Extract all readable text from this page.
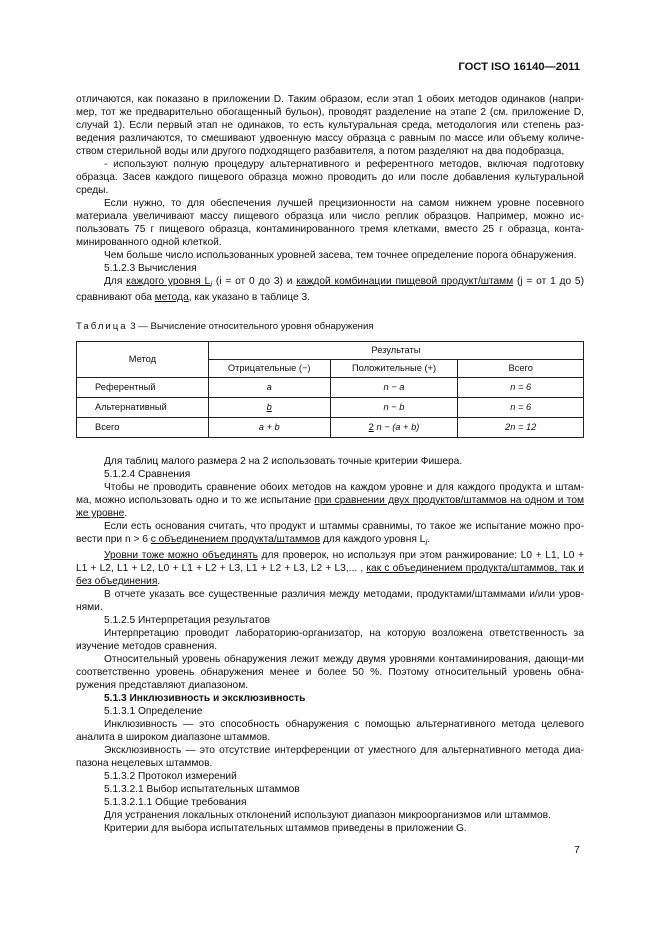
ГОСТ ISO 16140—2011

отличаются, как показано в приложении D. Таким образом, если этап 1 обоих методов одинаков (напри-мер, тот же предварительно обогащенный бульон), проводят разделение на этапе 2 (см. приложение D, случай 1). Если первый этап не одинаков, то есть культуральная среда, методология или степень раз-ведения различаются, то смешивают удвоенную массу образца с равным по массе или объему количе-ством стерильной воды или другого подходящего разбавителя, а потом разделяют на два подобразца,

- используют полную процедуру альтернативного и референтного методов, включая подготовку образца. Засев каждого пищевого образца можно проводить до или после добавления культуральной среды.

Если нужно, то для обеспечения лучшей прецизионности на самом нижнем уровне посевного материала увеличивают массу пищевого образца или число реплик образцов. Например, можно ис-пользовать 75 г пищевого образца, контаминированного тремя клетками, вместо 25 г образца, конта-минированного одной клеткой.

Чем больше число использованных уровней засева, тем точнее определение порога обнаружения.

5.1.2.3 Вычисления

Для каждого уровня $L_i$ (i = от 0 до 3) и каждой комбинации пищевой продукт/штамм (j = от 1 до 5) сравнивают оба метода, как указано в таблице 3.

Таблица 3 — Вычисление относительного уровня обнаружения

Метод	Результаты		
	Отрицательные (−)	Положительные (+)	Всего
Референтный	a	n − a	n = 6
Альтернативный	b	n − b	n = 6
Всего	a + b	2 n − (a + b)	2n = 12

Для таблиц малого размера 2 на 2 использовать точные критерии Фишера.

5.1.2.4 Сравнения

Чтобы не проводить сравнение обоих методов на каждом уровне и для каждого продукта и штам-ма, можно использовать одно и то же испытание при сравнении двух продуктов/штаммов на одном и том же уровне.

Если есть основания считать, что продукт и штаммы сравнимы, то такое же испытание можно про-вести при n > 6 с объединением продукта/штаммов для каждого уровня $L_i$.

Уровни тоже можно объединять для проверок, но используя при этом ранжирование: L0 + L1, L0 + L1 + L2, L1 + L2, L0 + L1 + L2 + L3, L1 + L2 + L3, L2 + L3,... , как с объединением продукта/штаммов, так и без объединения.

В отчете указать все существенные различия между методами, продуктами/штаммами и/или уров-нями.

5.1.2.5 Интерпретация результатов

Интерпретацию проводит лабораторию-организатор, на которую возложена ответственность за изучение методов сравнения.

Относительный уровень обнаружения лежит между двумя уровнями контаминирования, дающи-ми соответственно уровень обнаружения менее и более 50 %. Поэтому относительный уровень обна-ружения представляют диапазоном.

5.1.3 Инклюзивность и эксклюзивность

5.1.3.1 Определение

Инклюзивность — это способность обнаружения с помощью альтернативного метода целевого аналита в широком диапазоне штаммов.

Эксклюзивность — это отсутствие интерференции от уместного для альтернативного метода диа-пазона нецелевых штаммов.

5.1.3.2 Протокол измерений

5.1.3.2.1 Выбор испытательных штаммов

5.1.3.2.1.1 Общие требования

Для устранения локальных отклонений используют диапазон микроорганизмов или штаммов.

Критерии для выбора испытательных штаммов приведены в приложении G.

7
